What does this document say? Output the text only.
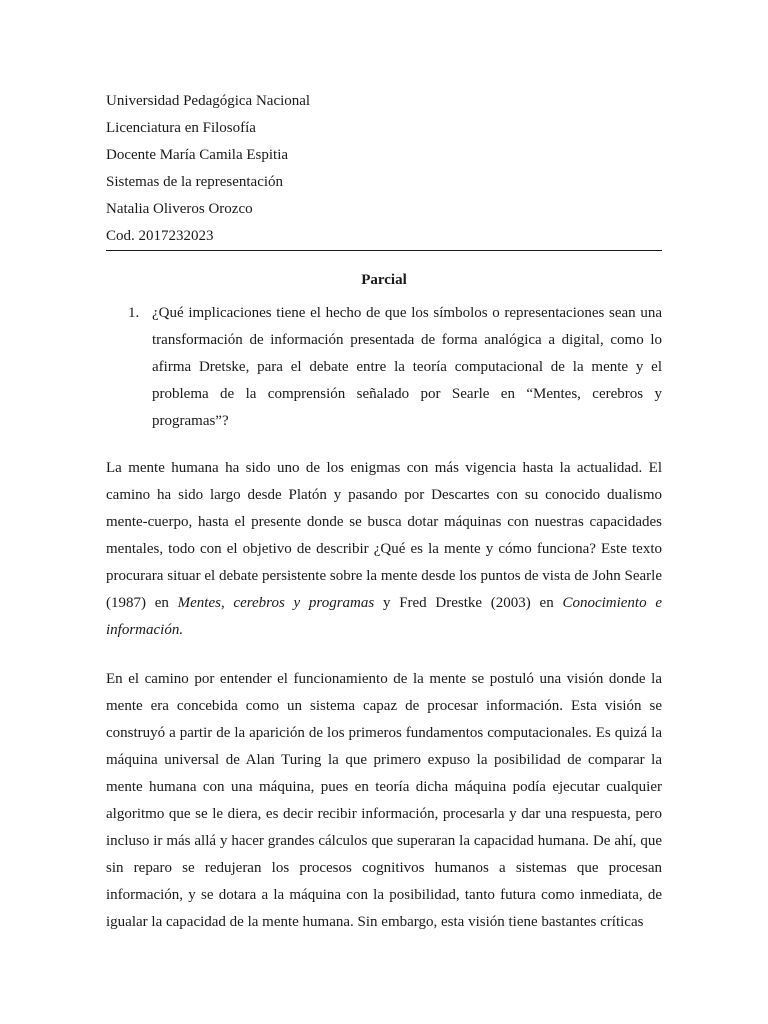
Universidad Pedagógica Nacional
Licenciatura en Filosofía
Docente María Camila Espitia
Sistemas de la representación
Natalia Oliveros Orozco
Cod. 2017232023
Parcial
1. ¿Qué implicaciones tiene el hecho de que los símbolos o representaciones sean una transformación de información presentada de forma analógica a digital, como lo afirma Dretske, para el debate entre la teoría computacional de la mente y el problema de la comprensión señalado por Searle en “Mentes, cerebros y programas”?

La mente humana ha sido uno de los enigmas con más vigencia hasta la actualidad. El camino ha sido largo desde Platón y pasando por Descartes con su conocido dualismo mente-cuerpo, hasta el presente donde se busca dotar máquinas con nuestras capacidades mentales, todo con el objetivo de describir ¿Qué es la mente y cómo funciona? Este texto procurara situar el debate persistente sobre la mente desde los puntos de vista de John Searle (1987) en Mentes, cerebros y programas y Fred Drestke (2003) en Conocimiento e información.

En el camino por entender el funcionamiento de la mente se postuló una visión donde la mente era concebida como un sistema capaz de procesar información. Esta visión se construyó a partir de la aparición de los primeros fundamentos computacionales. Es quizá la máquina universal de Alan Turing la que primero expuso la posibilidad de comparar la mente humana con una máquina, pues en teoría dicha máquina podía ejecutar cualquier algoritmo que se le diera, es decir recibir información, procesarla y dar una respuesta, pero incluso ir más allá y hacer grandes cálculos que superaran la capacidad humana. De ahí, que sin reparo se redujeran los procesos cognitivos humanos a sistemas que procesan información, y se dotara a la máquina con la posibilidad, tanto futura como inmediata, de igualar la capacidad de la mente humana. Sin embargo, esta visión tiene bastantes críticas
